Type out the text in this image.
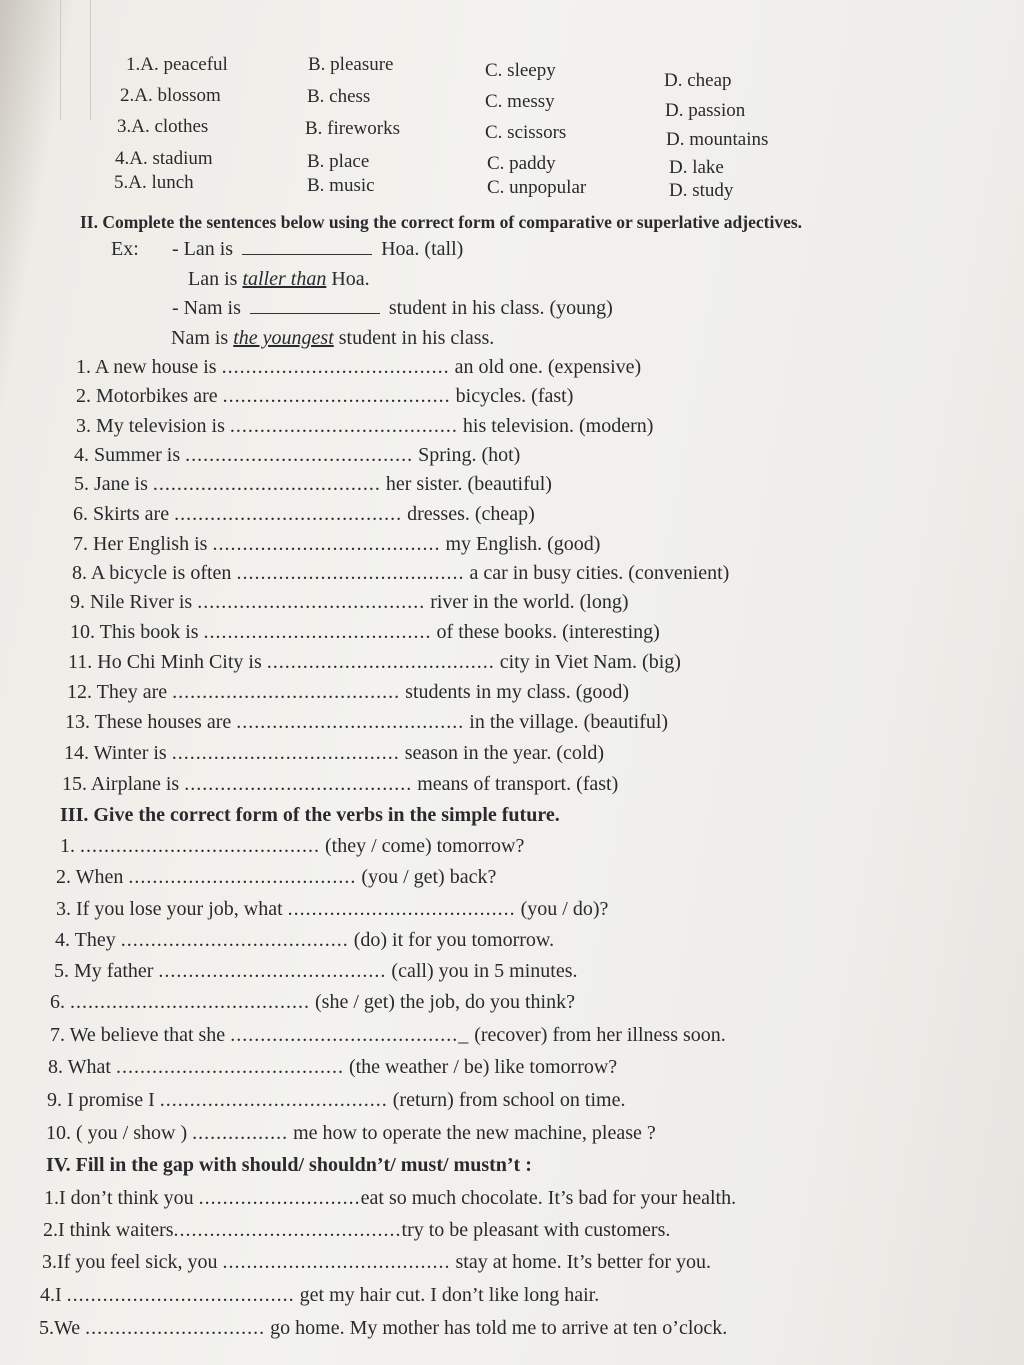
1.A. peaceful	B. pleasure	C. sleepy	D. cheap
2.A. blossom	B. chess	C. messy	D. passion
3.A. clothes	B. fireworks	C. scissors	D. mountains
4.A. stadium	B. place	C. paddy	D. lake
5.A. lunch	B. music	C. unpopular	D. study
II. Complete the sentences below using the correct form of comparative or superlative adjectives.
Ex: - Lan is	Hoa. (tall)
Lan is taller than Hoa.
- Nam is	student in his class. (young)
Nam is the youngest student in his class.
1. A new house is ...................................... an old one. (expensive)
2. Motorbikes are ...................................... bicycles. (fast)
3. My television is ...................................... his television. (modern)
4. Summer is ...................................... Spring. (hot)
5. Jane is ...................................... her sister. (beautiful)
6. Skirts are ...................................... dresses. (cheap)
7. Her English is ...................................... my English. (good)
8. A bicycle is often ...................................... a car in busy cities. (convenient)
9. Nile River is ...................................... river in the world. (long)
10. This book is ...................................... of these books. (interesting)
11. Ho Chi Minh City is ...................................... city in Viet Nam. (big)
12. They are ...................................... students in my class. (good)
13. These houses are ...................................... in the village. (beautiful)
14. Winter is ...................................... season in the year. (cold)
15. Airplane is ...................................... means of transport. (fast)
III. Give the correct form of the verbs in the simple future.
1. ........................................ (they / come) tomorrow?
2. When ...................................... (you / get) back?
3. If you lose your job, what ...................................... (you / do)?
4. They ...................................... (do) it for you tomorrow.
5. My father ...................................... (call) you in 5 minutes.
6. ........................................ (she / get) the job, do you think?
7. We believe that she ......................................_ (recover) from her illness soon.
8. What ...................................... (the weather / be) like tomorrow?
9. I promise I ...................................... (return) from school on time.
10. ( you / show ) ................ me how to operate the new machine, please ?
IV. Fill in the gap with should/ shouldn’t/ must/ mustn’t :
1.I don’t think you ...........................eat so much chocolate. It’s bad for your health.
2.I think waiters......................................try to be pleasant with customers.
3.If you feel sick, you ...................................... stay at home. It’s better for you.
4.I ...................................... get my hair cut. I don’t like long hair.
5.We .............................. go home. My mother has told me to arrive at ten o’clock.
